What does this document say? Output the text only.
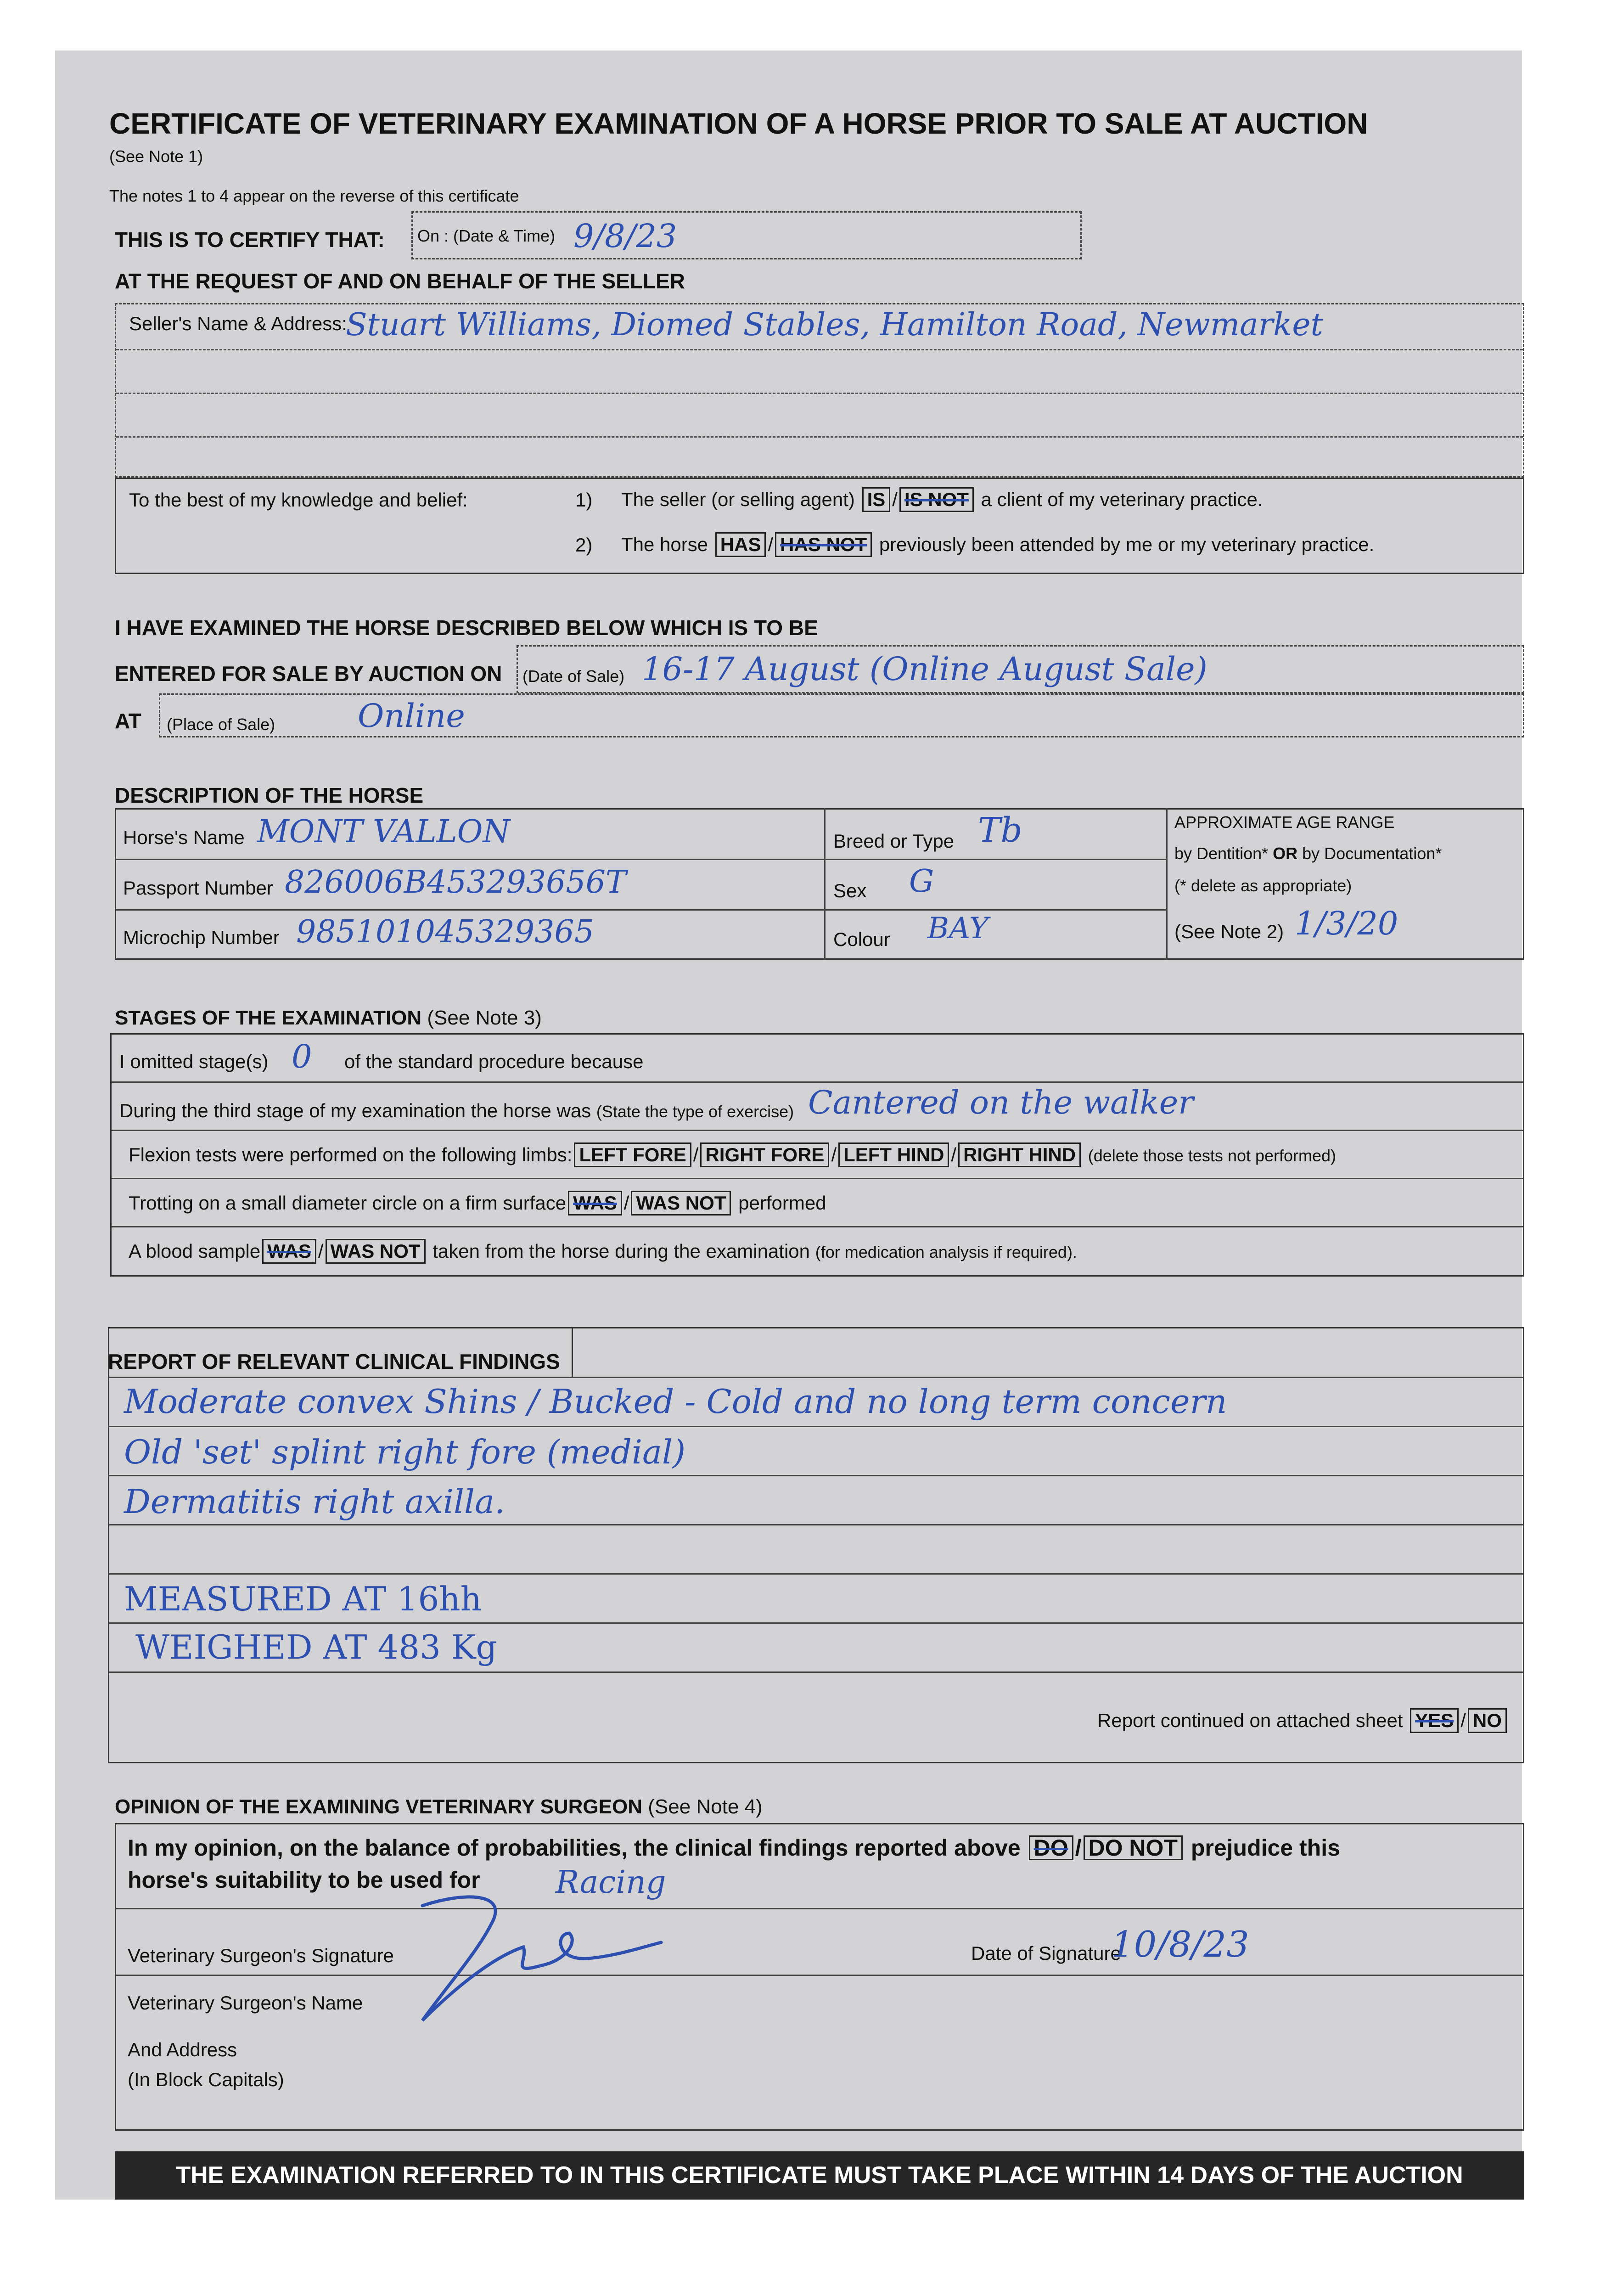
CERTIFICATE OF VETERINARY EXAMINATION OF A HORSE PRIOR TO SALE AT AUCTION
(See Note 1)
The notes 1 to 4 appear on the reverse of this certificate
THIS IS TO CERTIFY THAT: On : (Date & Time) 9/8/23
AT THE REQUEST OF AND ON BEHALF OF THE SELLER
Seller's Name & Address:
Stuart Williams, Diomed Stables, Hamilton Road, Newmarket
To the best of my knowledge and belief:	1) The seller (or selling agent) IS / IS NOT a client of my veterinary practice.
2) The horse HAS / HAS NOT previously been attended by me or my veterinary practice.
I HAVE EXAMINED THE HORSE DESCRIBED BELOW WHICH IS TO BE
ENTERED FOR SALE BY AUCTION ON (Date of Sale) 16-17 August (Online August Sale)
AT (Place of Sale)	Online
DESCRIPTION OF THE HORSE
Horse's Name MONT VALLON
Passport Number 826006B453293656T
Microchip Number 985101045329365
Breed or Type Tb
Sex G
Colour BAY
APPROXIMATE AGE RANGE
by Dentition* OR by Documentation*
(* delete as appropriate)
(See Note 2) 1/3/20
STAGES OF THE EXAMINATION (See Note 3)
I omitted stage(s) 0 of the standard procedure because
During the third stage of my examination the horse was (State the type of exercise) Cantered on the walker
Flexion tests were performed on the following limbs: LEFT FORE / RIGHT FORE / LEFT HIND / RIGHT HIND (delete those tests not performed)
Trotting on a small diameter circle on a firm surface WAS / WAS NOT performed
A blood sample WAS / WAS NOT taken from the horse during the examination (for medication analysis if required).
REPORT OF RELEVANT CLINICAL FINDINGS
Moderate convex Shins / Bucked - Cold and no long term concern
Old 'set' splint right fore (medial)
Dermatitis right axilla.
MEASURED AT 16hh
WEIGHED AT 483 Kg
Report continued on attached sheet YES / NO
OPINION OF THE EXAMINING VETERINARY SURGEON (See Note 4)
In my opinion, on the balance of probabilities, the clinical findings reported above DO / DO NOT prejudice this
horse's suitability to be used for Racing
Veterinary Surgeon's Signature	Date of Signature
10/8/23
Veterinary Surgeon's Name
And Address
(In Block Capitals)
THE EXAMINATION REFERRED TO IN THIS CERTIFICATE MUST TAKE PLACE WITHIN 14 DAYS OF THE AUCTION
